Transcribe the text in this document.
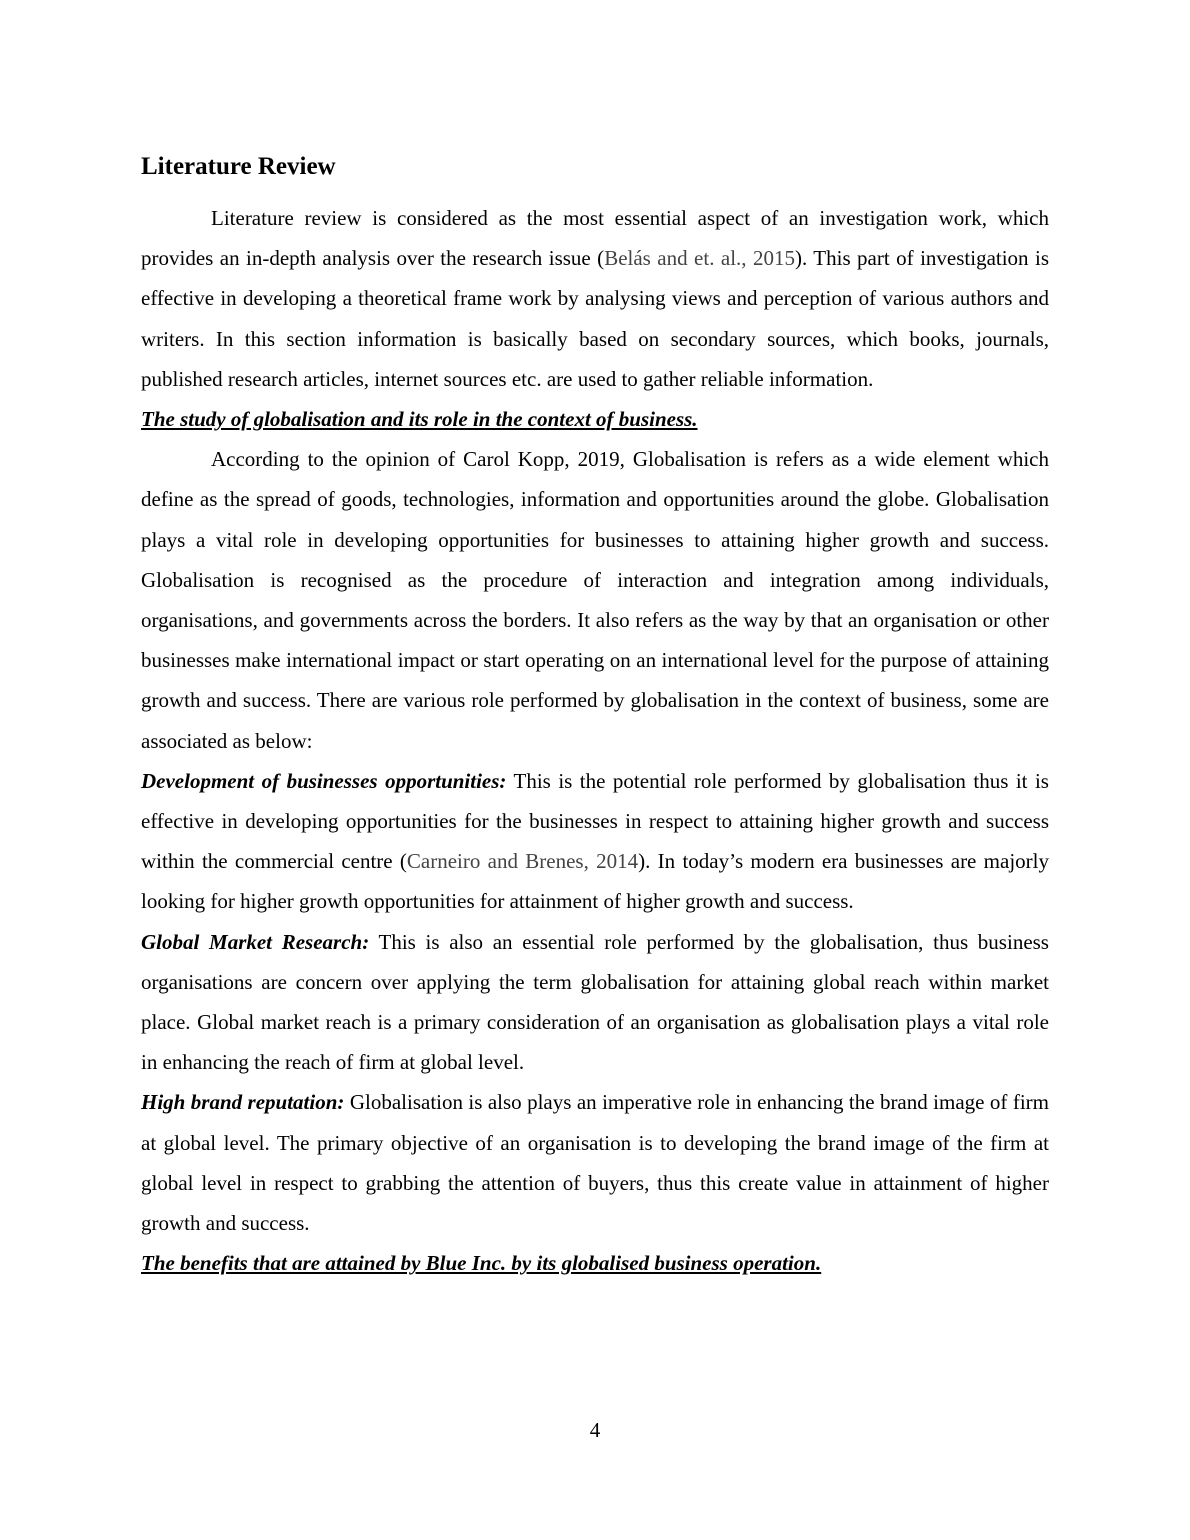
Literature Review

Literature review is considered as the most essential aspect of an investigation work, which provides an in-depth analysis over the research issue (Belás and et. al., 2015). This part of investigation is effective in developing a theoretical frame work by analysing views and perception of various authors and writers. In this section information is basically based on secondary sources, which books, journals, published research articles, internet sources etc. are used to gather reliable information.

The study of globalisation and its role in the context of business.

According to the opinion of Carol Kopp, 2019, Globalisation is refers as a wide element which define as the spread of goods, technologies, information and opportunities around the globe. Globalisation plays a vital role in developing opportunities for businesses to attaining higher growth and success. Globalisation is recognised as the procedure of interaction and integration among individuals, organisations, and governments across the borders. It also refers as the way by that an organisation or other businesses make international impact or start operating on an international level for the purpose of attaining growth and success. There are various role performed by globalisation in the context of business, some are associated as below:

Development of businesses opportunities: This is the potential role performed by globalisation thus it is effective in developing opportunities for the businesses in respect to attaining higher growth and success within the commercial centre (Carneiro and Brenes, 2014). In today’s modern era businesses are majorly looking for higher growth opportunities for attainment of higher growth and success.

Global Market Research: This is also an essential role performed by the globalisation, thus business organisations are concern over applying the term globalisation for attaining global reach within market place. Global market reach is a primary consideration of an organisation as globalisation plays a vital role in enhancing the reach of firm at global level.

High brand reputation: Globalisation is also plays an imperative role in enhancing the brand image of firm at global level. The primary objective of an organisation is to developing the brand image of the firm at global level in respect to grabbing the attention of buyers, thus this create value in attainment of higher growth and success.

The benefits that are attained by Blue Inc. by its globalised business operation.

4
